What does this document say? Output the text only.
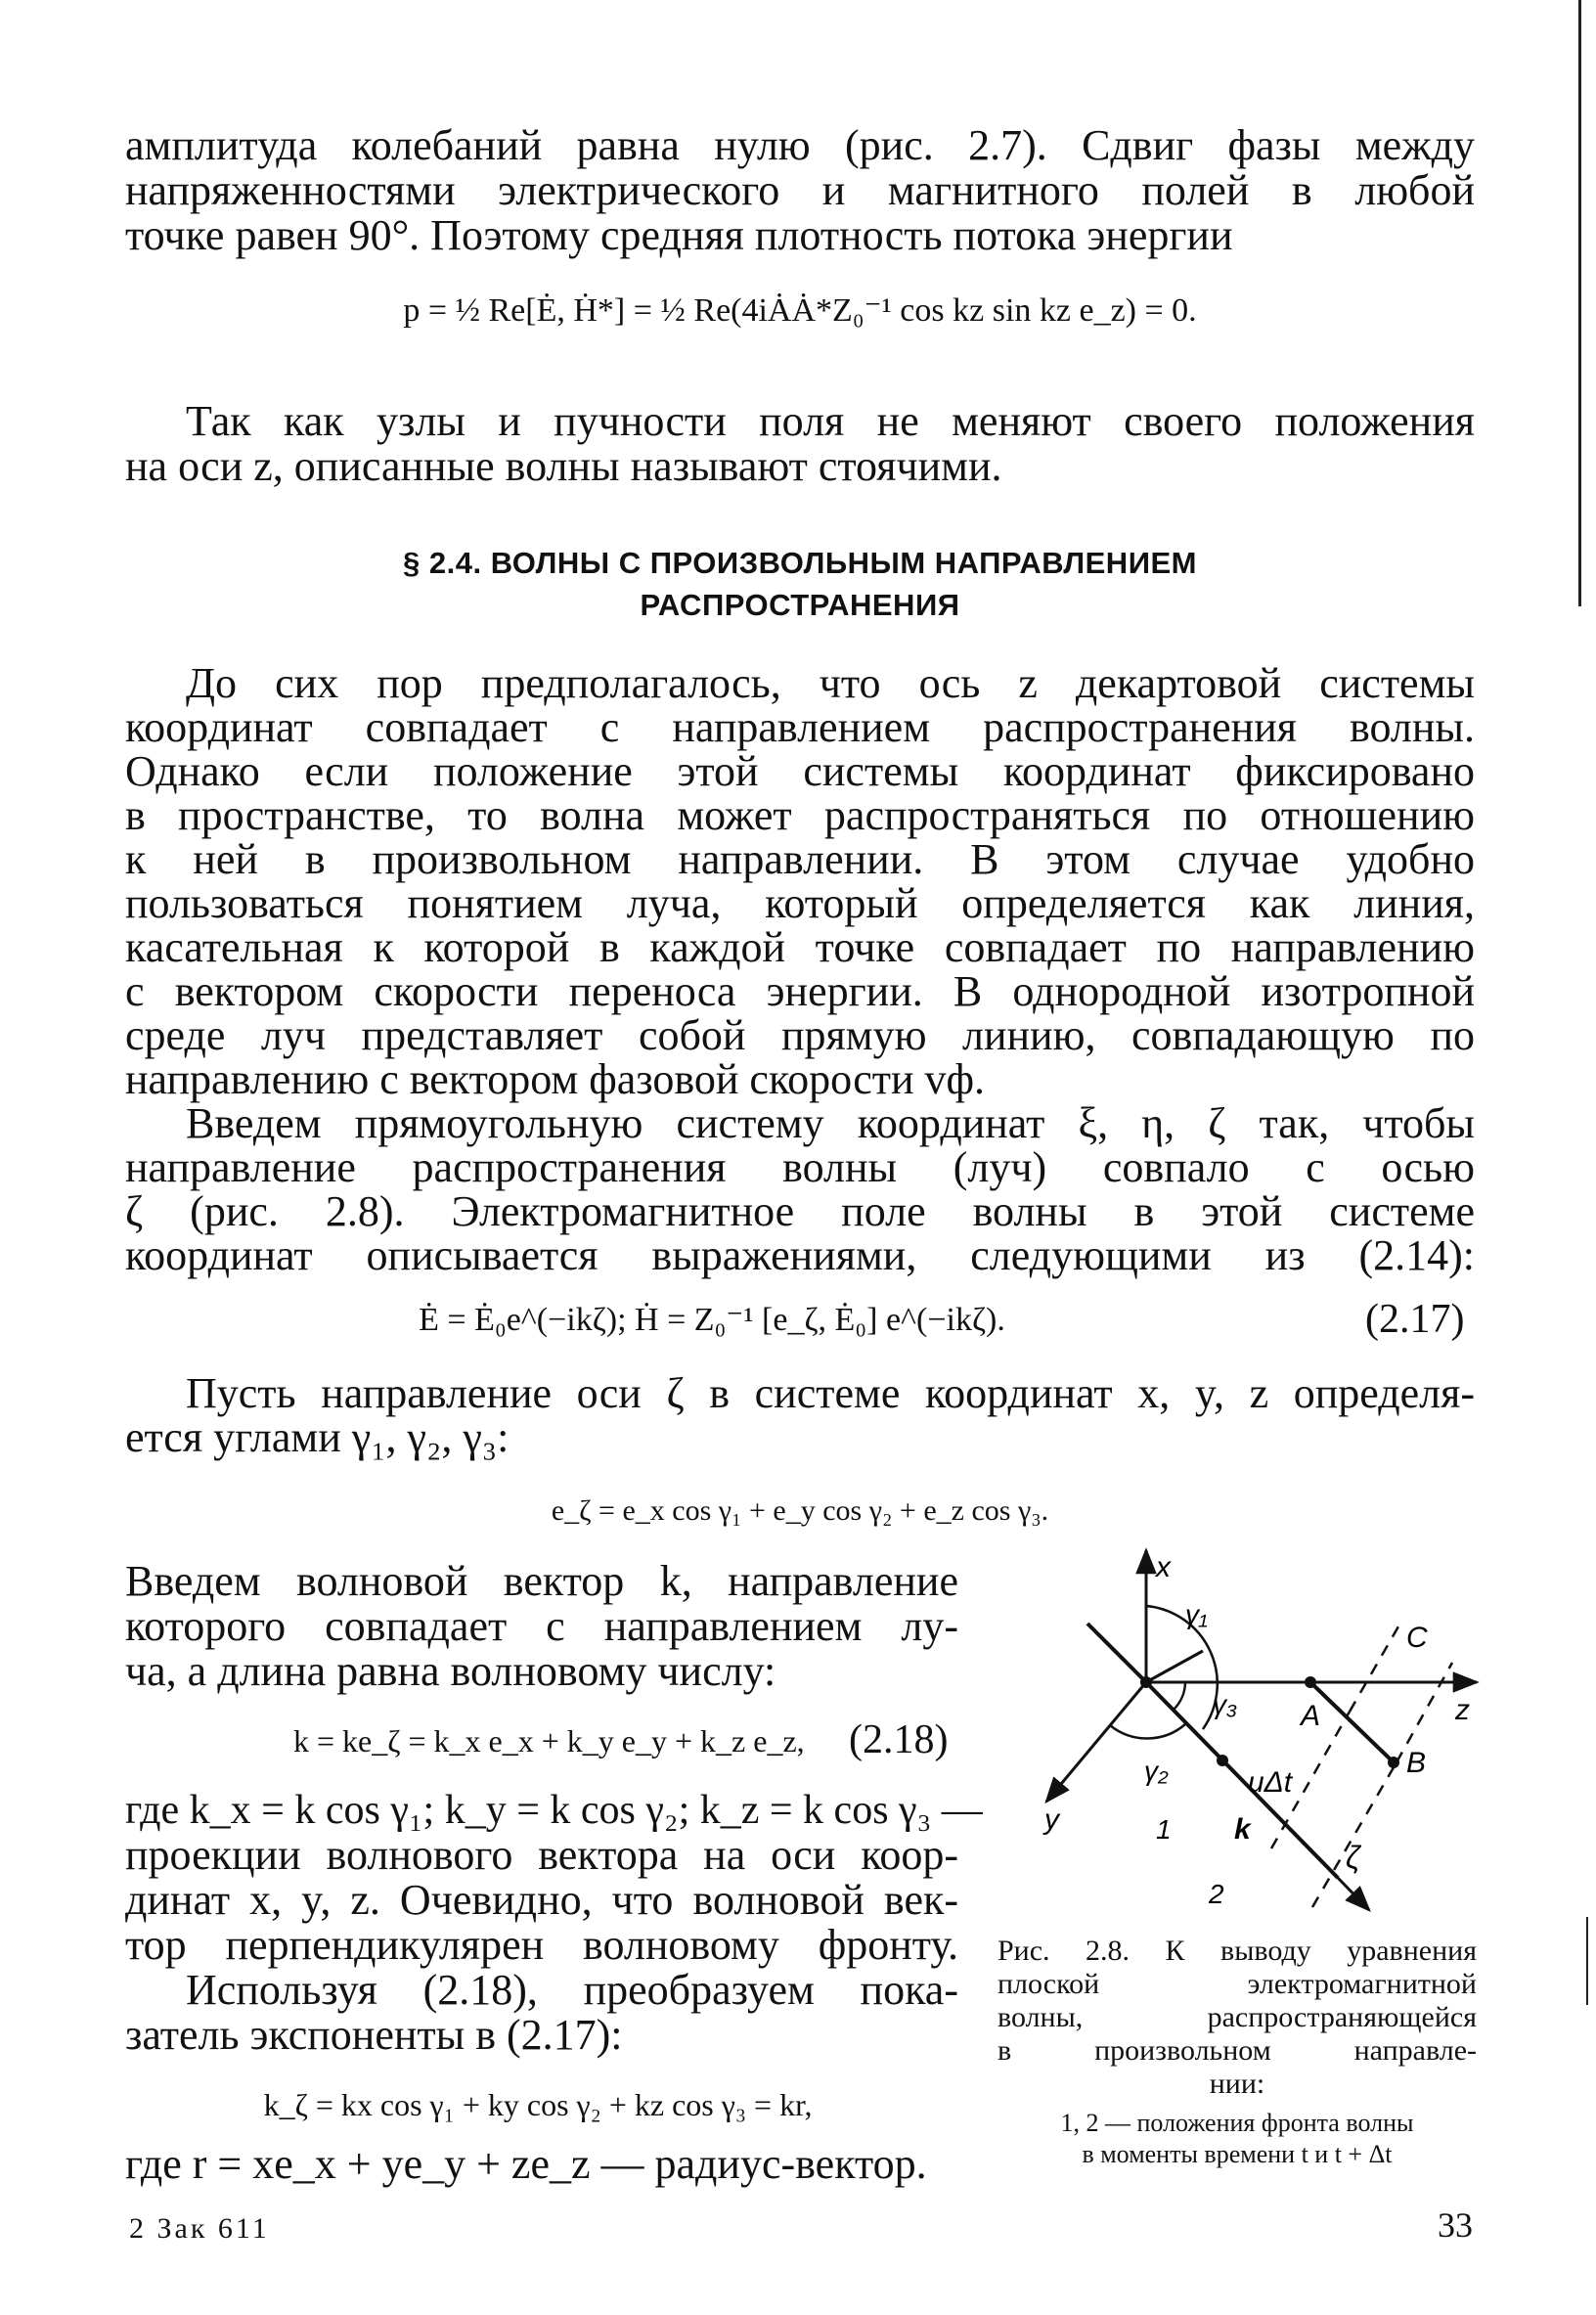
амплитуда колебаний равна нулю (рис. 2.7). Сдвиг фазы между

напряженностями электрического и магнитного полей в любой

точке равен 90°. Поэтому средняя плотность потока энергии

p = ½ Re[Ė, Ḣ*] = ½ Re(4iȦȦ*Z₀⁻¹ cos kz sin kz e_z) = 0.

Так как узлы и пучности поля не меняют своего положения

на оси z, описанные волны называют стоячими.

§ 2.4. ВОЛНЫ С ПРОИЗВОЛЬНЫМ НАПРАВЛЕНИЕМ

РАСПРОСТРАНЕНИЯ

До сих пор предполагалось, что ось z декартовой системы

координат совпадает с направлением распространения волны.

Однако если положение этой системы координат фиксировано

в пространстве, то волна может распространяться по отношению

к ней в произвольном направлении. В этом случае удобно

пользоваться понятием луча, который определяется как линия,

касательная к которой в каждой точке совпадает по направлению

с вектором скорости переноса энергии. В однородной изотропной

среде луч представляет собой прямую линию, совпадающую по

направлению с вектором фазовой скорости vф.

Введем прямоугольную систему координат ξ, η, ζ так, чтобы

направление распространения волны (луч) совпало с осью

ζ (рис. 2.8). Электромагнитное поле волны в этой системе

координат описывается выражениями, следующими из (2.14):

Ė = Ė₀e^(−ikζ); Ḣ = Z₀⁻¹ [e_ζ, Ė₀] e^(−ikζ).	(2.17)

Пусть направление оси ζ в системе координат x, y, z определя-

ется углами γ₁, γ₂, γ₃:

e_ζ = e_x cos γ₁ + e_y cos γ₂ + e_z cos γ₃.

Введем волновой вектор k, направление

которого совпадает с направлением лу-

ча, а длина равна волновому числу:

k = ke_ζ = k_x e_x + k_y e_y + k_z e_z, (2.18)

где k_x = k cos γ₁; k_y = k cos γ₂; k_z = k cos γ₃ —

проекции волнового вектора на оси коор-

динат x, y, z. Очевидно, что волновой век-

тор перпендикулярен волновому фронту.

Используя (2.18), преобразуем пока-

затель экспоненты в (2.17):

k_ζ = kx cos γ₁ + ky cos γ₂ + kz cos γ₃ = kr,

где r = xe_x + ye_y + ze_z — радиус-вектор.

x
z
y
C
A
B
γ₁
γ₂
γ₃
uΔt
k
ζ
1
2

Рис. 2.8. К выводу уравнения

плоской электромагнитной

волны, распространяющейся

в произвольном направле-

нии:

1, 2 — положения фронта волны

в моменты времени t и t + Δt

2 Зак 611	33
